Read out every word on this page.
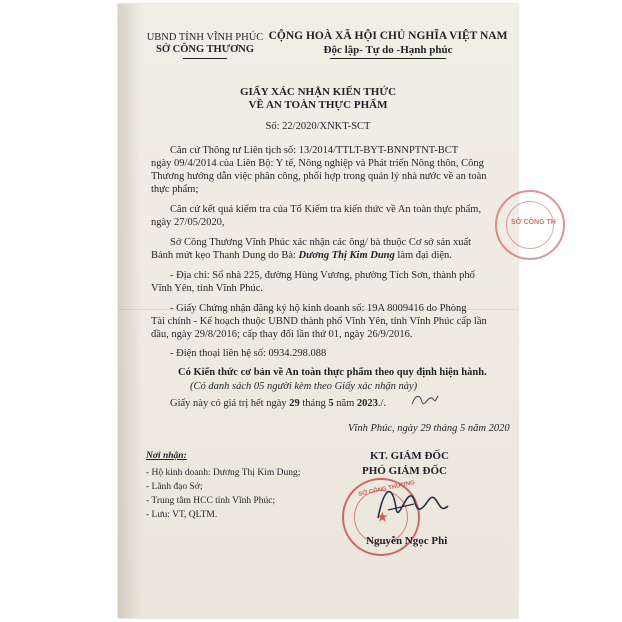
UBND TỈNH VĨNH PHÚC
SỞ CÔNG THƯƠNG
CỘNG HOÀ XÃ HỘI CHỦ NGHĨA VIỆT NAM
Độc lập- Tự do -Hạnh phúc
GIẤY XÁC NHẬN KIẾN THỨC
VỀ AN TOÀN THỰC PHẨM
Số: 22/2020/XNKT-SCT
Căn cứ Thông tư Liên tịch số: 13/2014/TTLT-BYT-BNNPTNT-BCT
ngày 09/4/2014 của Liên Bộ: Y tế, Nông nghiệp và Phát triển Nông thôn, Công
Thương hướng dẫn việc phân công, phối hợp trong quản lý nhà nước về an toàn
thực phẩm;
Căn cứ kết quả kiểm tra của Tổ Kiểm tra kiến thức về An toàn thực phẩm,
ngày 27/05/2020,
Sở Công Thương Vĩnh Phúc xác nhận các ông/ bà thuộc Cơ sở sản xuất
Bánh mứt kẹo Thanh Dung do Bà: Dương Thị Kim Dung làm đại diện.
- Địa chỉ: Số nhà 225, đường Hùng Vương, phường Tích Sơn, thành phố
Vĩnh Yên, tỉnh Vĩnh Phúc.
- Giấy Chứng nhận đăng ký hộ kinh doanh số: 19A 8009416 do Phòng
Tài chính - Kế hoạch thuộc UBND thành phố Vĩnh Yên, tỉnh Vĩnh Phúc cấp lần
đầu, ngày 29/8/2016; cấp thay đổi lần thứ 01, ngày 26/9/2016.
- Điện thoại liên hệ số: 0934.298.088
Có Kiến thức cơ bản về An toàn thực phẩm theo quy định hiện hành.
(Có danh sách 05 người kèm theo Giấy xác nhận này)
Giấy này có giá trị hết ngày 29 tháng 5 năm 2023./.
Vĩnh Phúc, ngày 29 tháng 5 năm 2020
Nơi nhận:
- Hộ kinh doanh: Dương Thị Kim Dung;
- Lãnh đạo Sở;
- Trung tâm HCC tỉnh Vĩnh Phúc;
- Lưu: VT, QLTM.
KT. GIÁM ĐỐC
PHÓ GIÁM ĐỐC
SỞ CÔNG THƯƠNG
★
Nguyễn Ngọc Phi
SỞ CÔNG TH
